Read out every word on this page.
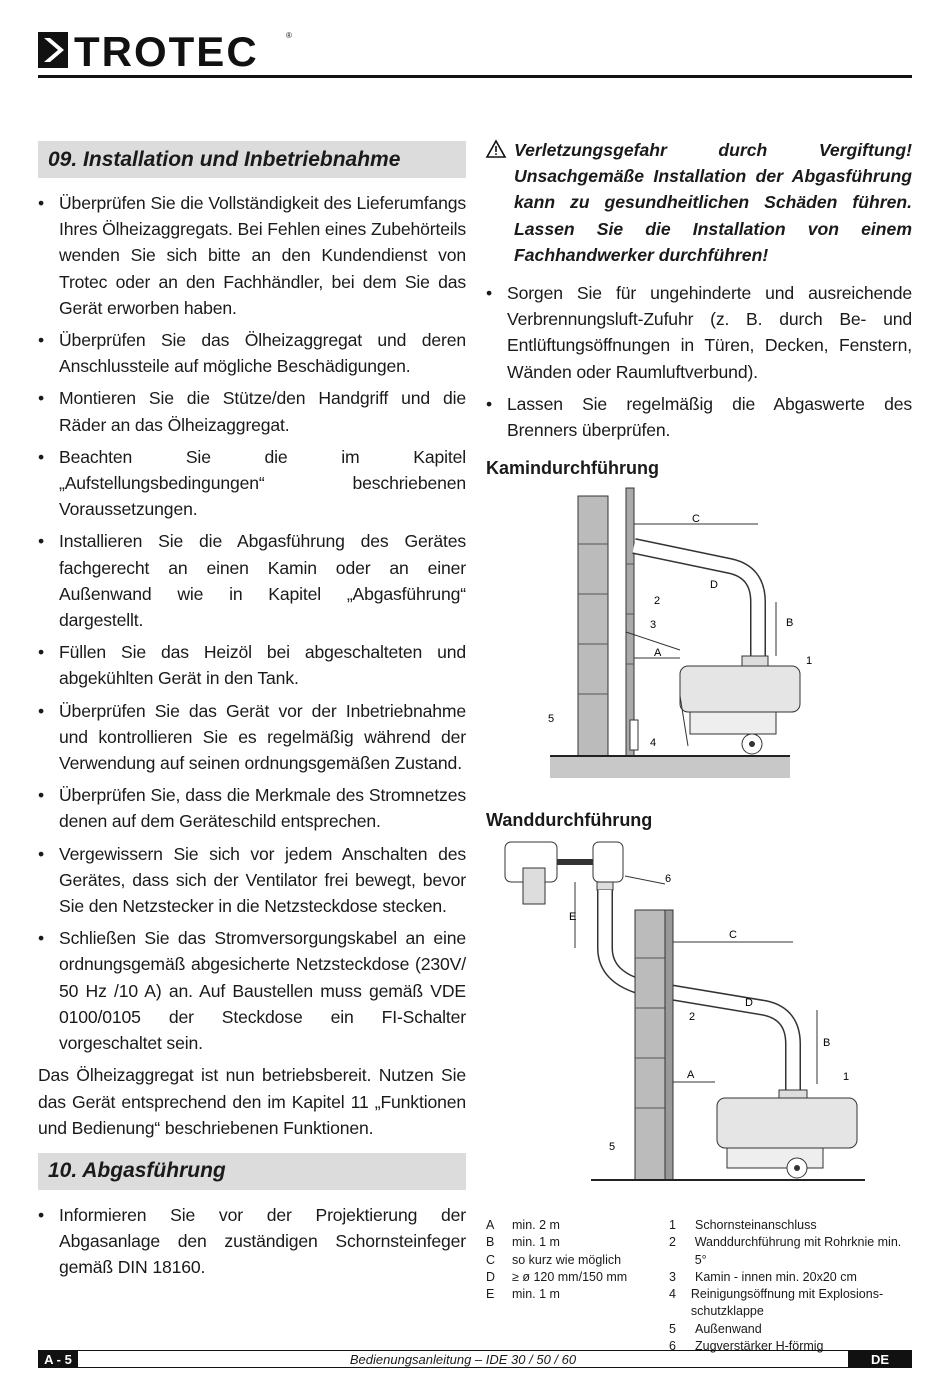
TROTEC	®
09. Installation und Inbetriebnahme
• Überprüfen Sie die Vollständigkeit des Lieferumfangs Ihres Ölheizaggregats. Bei Fehlen eines Zubehörteils wenden Sie sich bitte an den Kundendienst von Trotec oder an den Fachhändler, bei dem Sie das Gerät erworben haben.
• Überprüfen Sie das Ölheizaggregat und deren Anschlussteile auf mögliche Beschädigungen.
• Montieren Sie die Stütze/den Handgriff und die Räder an das Ölheizaggregat.
• Beachten Sie die im Kapitel „Aufstellungsbedingungen“ beschriebenen Voraussetzungen.
• Installieren Sie die Abgasführung des Gerätes fachgerecht an einen Kamin oder an einer Außenwand wie in Kapitel „Abgasführung“ dargestellt.
• Füllen Sie das Heizöl bei abgeschalteten und abgekühlten Gerät in den Tank.
• Überprüfen Sie das Gerät vor der Inbetriebnahme und kontrollieren Sie es regelmäßig während der Verwendung auf seinen ordnungsgemäßen Zustand.
• Überprüfen Sie, dass die Merkmale des Stromnetzes denen auf dem Geräteschild entsprechen.
• Vergewissern Sie sich vor jedem Anschalten des Gerätes, dass sich der Ventilator frei bewegt, bevor Sie den Netzstecker in die Netzsteckdose stecken.
• Schließen Sie das Stromversorgungskabel an eine ordnungsgemäß abgesicherte Netzsteckdose (230V/ 50 Hz /10 A) an. Auf Baustellen muss gemäß VDE 0100/0105 der Steckdose ein FI-Schalter vorgeschaltet sein.

Das Ölheizaggregat ist nun betriebsbereit. Nutzen Sie das Gerät entsprechend den im Kapitel 11 „Funktionen und Bedienung“ beschriebenen Funktionen.

10. Abgasführung
• Informieren Sie vor der Projektierung der Abgasanlage den zuständigen Schornsteinfeger gemäß DIN 18160.
Verletzungsgefahr durch Vergiftung! Unsachgemäße Installation der Abgasführung kann zu gesundheitlichen Schäden führen. Lassen Sie die Installation von einem Fachhandwerker durchführen!
• Sorgen Sie für ungehinderte und ausreichende Verbrennungsluft-Zufuhr (z. B. durch Be- und Entlüftungsöffnungen in Türen, Decken, Fenstern, Wänden oder Raumluftverbund).
• Lassen Sie regelmäßig die Abgaswerte des Brenners überprüfen.
Kamindurchführung
C
A
B
D
2
3
1
4
5
Wanddurchführung
E
C
A
B
D
2
6
1
5
A	min. 2 m
B	min. 1 m
C	so kurz wie möglich
D	≥ ø 120 mm/150 mm
E	min. 1 m
1	Schornsteinanschluss
2	Wanddurchführung mit Rohrknie min. 5°
3	Kamin - innen min. 20x20 cm
4	Reinigungsöffnung mit Explosions-schutzklappe
5	Außenwand
6	Zugverstärker H-förmig
A - 5	Bedienungsanleitung – IDE 30 / 50 / 60	DE
